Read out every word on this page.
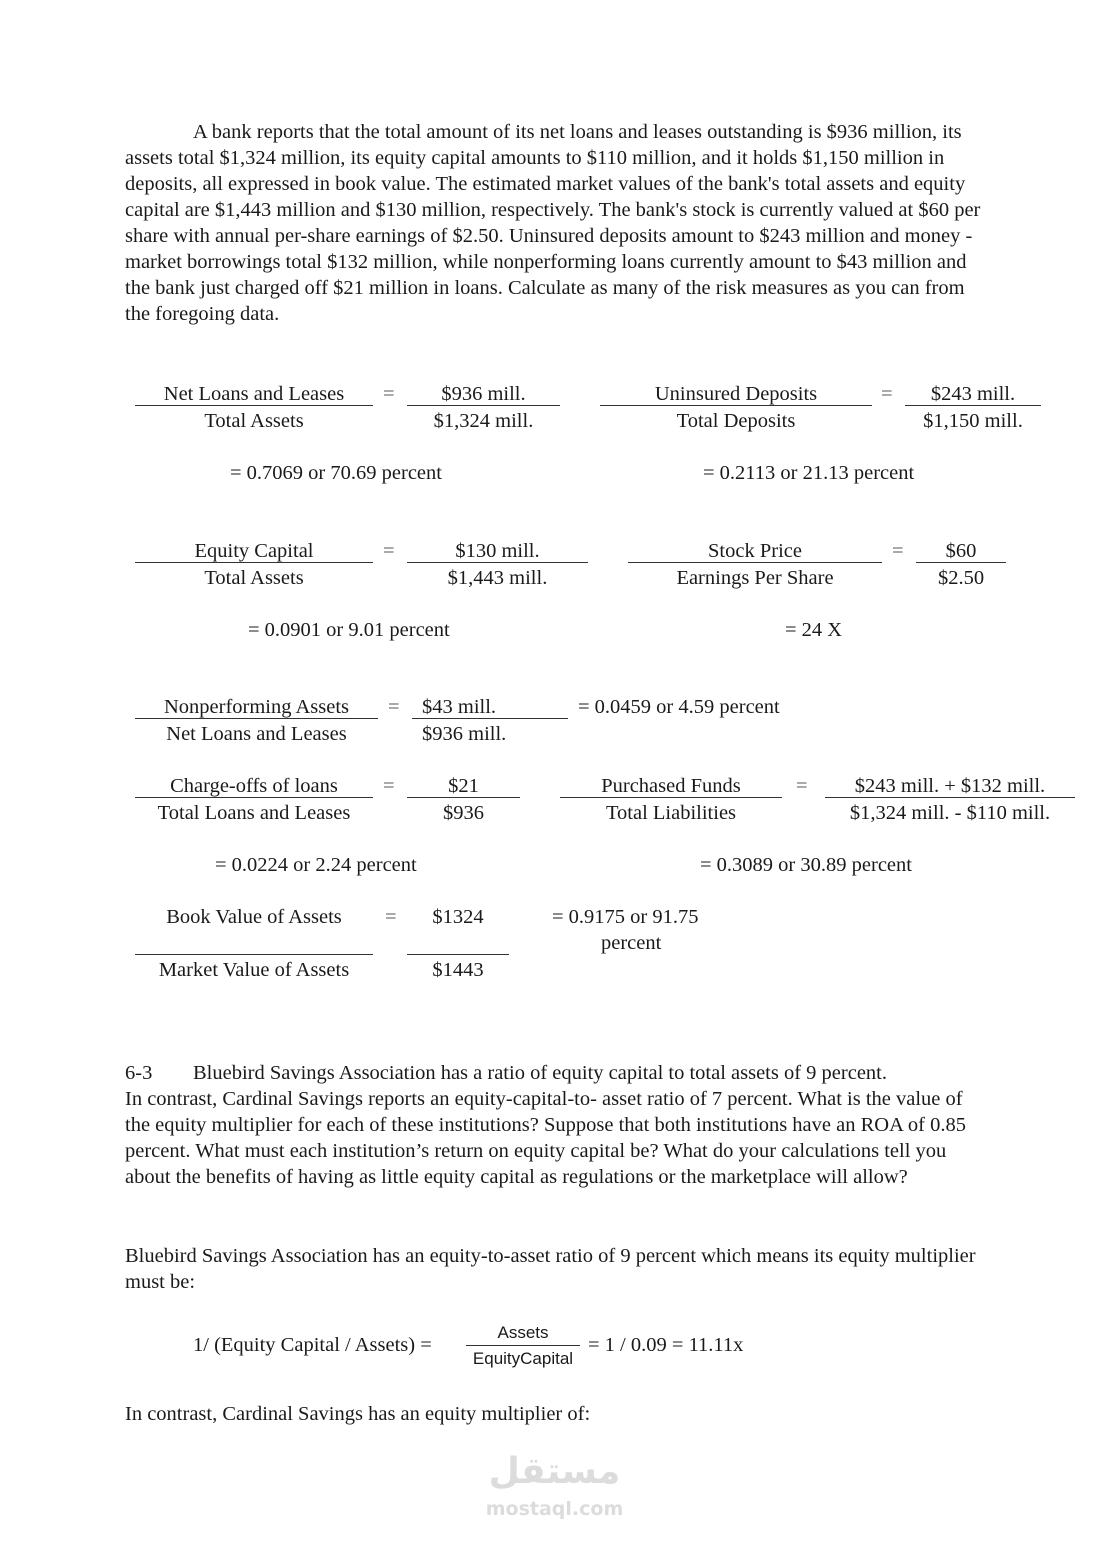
A bank reports that the total amount of its net loans and leases outstanding is $936 million, its assets total $1,324 million, its equity capital amounts to $110 million, and it holds $1,150 million in deposits, all expressed in book value. The estimated market values of the bank's total assets and equity capital are $1,443 million and $130 million, respectively. The bank's stock is currently valued at $60 per share with annual per-share earnings of $2.50. Uninsured deposits amount to $243 million and money - market borrowings total $132 million, while nonperforming loans currently amount to $43 million and the bank just charged off $21 million in loans. Calculate as many of the risk measures as you can from the foregoing data.

Net Loans and Leases
Total Assets
=	$936 mill.
$1,324 mill.
= 0.7069 or 70.69 percent
Uninsured Deposits
Total Deposits
=	$243 mill.
$1,150 mill.
= 0.2113 or 21.13 percent
Equity Capital
Total Assets
=	$130 mill.
$1,443 mill.
= 0.0901 or 9.01 percent
Stock Price
Earnings Per Share
=	$60
$2.50
= 24 X
Nonperforming Assets
Net Loans and Leases
= $43 mill.
$936 mill.
= 0.0459 or 4.59 percent
Charge-offs of loans
Total Loans and Leases
=	$21
$936
= 0.0224 or 2.24 percent
Purchased Funds
Total Liabilities
=	$243 mill. + $132 mill.
$1,324 mill. - $110 mill.
= 0.3089 or 30.89 percent
Book Value of Assets
Market Value of Assets
=	$1324
$1443
= 0.9175 or 91.75
percent
6-3 Bluebird Savings Association has a ratio of equity capital to total assets of 9 percent.
In contrast, Cardinal Savings reports an equity-capital-to- asset ratio of 7 percent. What is the value of the equity multiplier for each of these institutions? Suppose that both institutions have an ROA of 0.85 percent. What must each institution’s return on equity capital be? What do your calculations tell you about the benefits of having as little equity capital as regulations or the marketplace will allow?

Bluebird Savings Association has an equity-to-asset ratio of 9 percent which means its equity multiplier must be:

1/ (Equity Capital / Assets) =
Assets
EquityCapital
= 1 / 0.09 = 11.11x

In contrast, Cardinal Savings has an equity multiplier of:

مستقل
mostaql.com
